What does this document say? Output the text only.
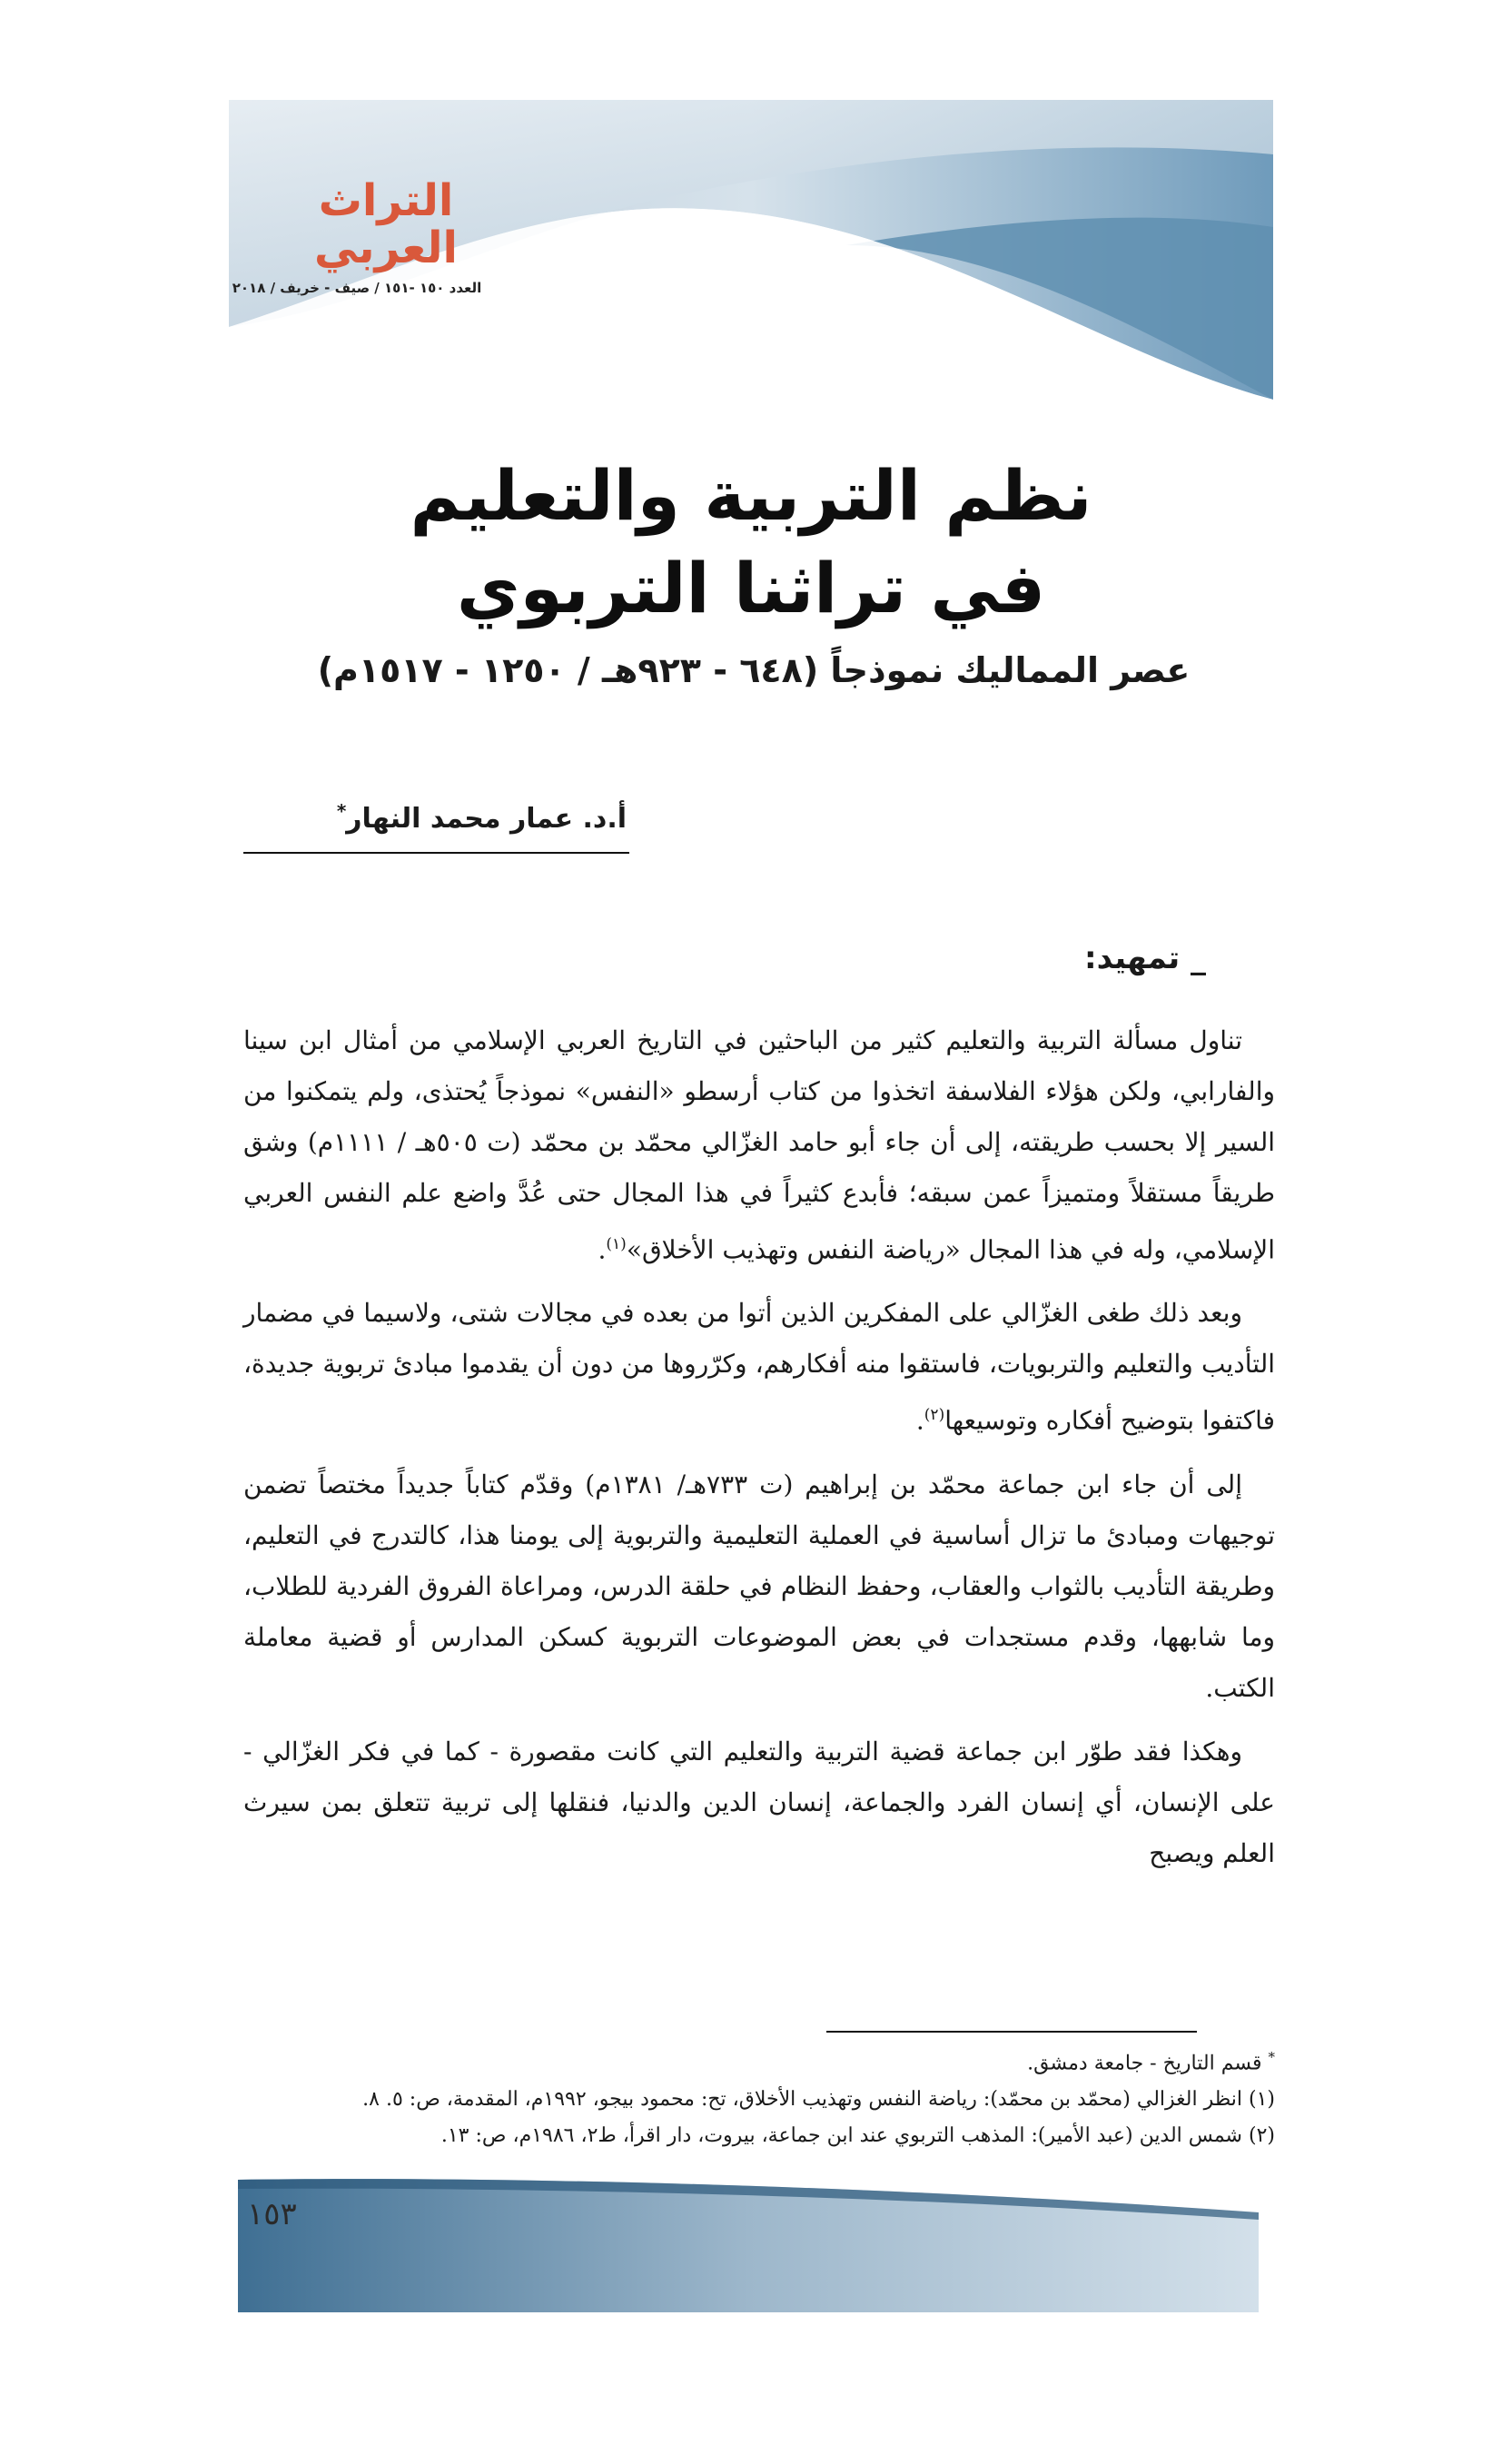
التراث
العربي
العدد ١٥٠ -١٥١ / صيف - خريف / ٢٠١٨
نظم التربية والتعليم
في تراثنا التربوي
عصر المماليك نموذجاً (٦٤٨ - ٩٢٣هـ / ١٢٥٠ - ١٥١٧م)
أ.د. عمار محمد النهار*
_ تمهيد:

تناول مسألة التربية والتعليم كثير من الباحثين في التاريخ العربي الإسلامي من أمثال ابن سينا والفارابي، ولكن هؤلاء الفلاسفة اتخذوا من كتاب أرسطو «النفس» نموذجاً يُحتذى، ولم يتمكنوا من السير إلا بحسب طريقته، إلى أن جاء أبو حامد الغزّالي محمّد بن محمّد (ت ٥٠٥هـ / ١١١١م) وشق طريقاً مستقلاً ومتميزاً عمن سبقه؛ فأبدع كثيراً في هذا المجال حتى عُدَّ واضع علم النفس العربي الإسلامي، وله في هذا المجال «رياضة النفس وتهذيب الأخلاق»$^{(١)}$.

وبعد ذلك طغى الغزّالي على المفكرين الذين أتوا من بعده في مجالات شتى، ولاسيما في مضمار التأديب والتعليم والتربويات، فاستقوا منه أفكارهم، وكرّروها من دون أن يقدموا مبادئ تربوية جديدة، فاكتفوا بتوضيح أفكاره وتوسيعها$^{(٢)}$.

إلى أن جاء ابن جماعة محمّد بن إبراهيم (ت ٧٣٣هـ/ ١٣٨١م) وقدّم كتاباً جديداً مختصاً تضمن توجيهات ومبادئ ما تزال أساسية في العملية التعليمية والتربوية إلى يومنا هذا، كالتدرج في التعليم، وطريقة التأديب بالثواب والعقاب، وحفظ النظام في حلقة الدرس، ومراعاة الفروق الفردية للطلاب، وما شابهها، وقدم مستجدات في بعض الموضوعات التربوية كسكن المدارس أو قضية معاملة الكتب.

وهكذا فقد طوّر ابن جماعة قضية التربية والتعليم التي كانت مقصورة - كما في فكر الغزّالي - على الإنسان، أي إنسان الفرد والجماعة، إنسان الدين والدنيا، فنقلها إلى تربية تتعلق بمن سيرث العلم ويصبح

* قسم التاريخ - جامعة دمشق.
(١) انظر الغزالي (محمّد بن محمّد): رياضة النفس وتهذيب الأخلاق، تح: محمود بيجو، ١٩٩٢م، المقدمة، ص: ٥. ٨.
(٢) شمس الدين (عبد الأمير): المذهب التربوي عند ابن جماعة، بيروت، دار اقرأ، ط٢، ١٩٨٦م، ص: ١٣.
١٥٣
